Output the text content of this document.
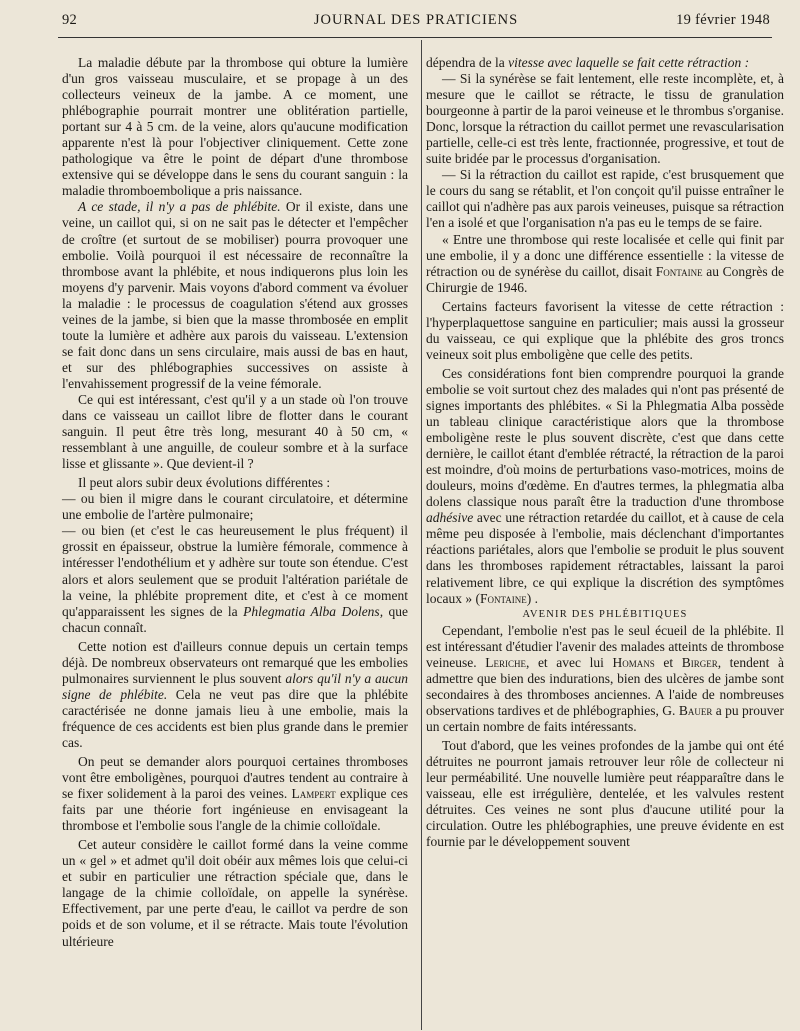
92	JOURNAL DES PRATICIENS	19 février 1948

La maladie débute par la thrombose qui obture la lumière d'un gros vaisseau musculaire, et se propage à un des collecteurs veineux de la jambe. A ce moment, une phlébographie pourrait montrer une oblitération partielle, portant sur 4 à 5 cm. de la veine, alors qu'aucune modification apparente n'est là pour l'objectiver cliniquement. Cette zone pathologique va être le point de départ d'une thrombose extensive qui se développe dans le sens du courant sanguin : la maladie thromboembolique a pris naissance.

A ce stade, il n'y a pas de phlébite. Or il existe, dans une veine, un caillot qui, si on ne sait pas le détecter et l'empêcher de croître (et surtout de se mobiliser) pourra provoquer une embolie. Voilà pourquoi il est nécessaire de reconnaître la thrombose avant la phlébite, et nous indiquerons plus loin les moyens d'y parvenir. Mais voyons d'abord comment va évoluer la maladie : le processus de coagulation s'étend aux grosses veines de la jambe, si bien que la masse thrombosée en emplit toute la lumière et adhère aux parois du vaisseau. L'extension se fait donc dans un sens circulaire, mais aussi de bas en haut, et sur des phlébographies successives on assiste à l'envahissement progressif de la veine fémorale.

Ce qui est intéressant, c'est qu'il y a un stade où l'on trouve dans ce vaisseau un caillot libre de flotter dans le courant sanguin. Il peut être très long, mesurant 40 à 50 cm, « ressemblant à une anguille, de couleur sombre et à la surface lisse et glissante ». Que devient-il ?

Il peut alors subir deux évolutions différentes :

— ou bien il migre dans le courant circulatoire, et détermine une embolie de l'artère pulmonaire;

— ou bien (et c'est le cas heureusement le plus fréquent) il grossit en épaisseur, obstrue la lumière fémorale, commence à intéresser l'endothélium et y adhère sur toute son étendue. C'est alors et alors seulement que se produit l'altération pariétale de la veine, la phlébite proprement dite, et c'est à ce moment qu'apparaissent les signes de la Phlegmatia Alba Dolens, que chacun connaît.

Cette notion est d'ailleurs connue depuis un certain temps déjà. De nombreux observateurs ont remarqué que les embolies pulmonaires surviennent le plus souvent alors qu'il n'y a aucun signe de phlébite. Cela ne veut pas dire que la phlébite caractérisée ne donne jamais lieu à une embolie, mais la fréquence de ces accidents est bien plus grande dans le premier cas.

On peut se demander alors pourquoi certaines thromboses vont être emboligènes, pourquoi d'autres tendent au contraire à se fixer solidement à la paroi des veines. Lampert explique ces faits par une théorie fort ingénieuse en envisageant la thrombose et l'embolie sous l'angle de la chimie colloïdale.

Cet auteur considère le caillot formé dans la veine comme un « gel » et admet qu'il doit obéir aux mêmes lois que celui-ci et subir en particulier une rétraction spéciale que, dans le langage de la chimie colloïdale, on appelle la synérèse. Effectivement, par une perte d'eau, le caillot va perdre de son poids et de son volume, et il se rétracte. Mais toute l'évolution ultérieure

dépendra de la vitesse avec laquelle se fait cette rétraction :

— Si la synérèse se fait lentement, elle reste incomplète, et, à mesure que le caillot se rétracte, le tissu de granulation bourgeonne à partir de la paroi veineuse et le thrombus s'organise. Donc, lorsque la rétraction du caillot permet une revascularisation partielle, celle-ci est très lente, fractionnée, progressive, et tout de suite bridée par le processus d'organisation.

— Si la rétraction du caillot est rapide, c'est brusquement que le cours du sang se rétablit, et l'on conçoit qu'il puisse entraîner le caillot qui n'adhère pas aux parois veineuses, puisque sa rétraction l'en a isolé et que l'organisation n'a pas eu le temps de se faire.

« Entre une thrombose qui reste localisée et celle qui finit par une embolie, il y a donc une différence essentielle : la vitesse de rétraction ou de synérèse du caillot, disait Fontaine au Congrès de Chirurgie de 1946.

Certains facteurs favorisent la vitesse de cette rétraction : l'hyperplaquettose sanguine en particulier; mais aussi la grosseur du vaisseau, ce qui explique que la phlébite des gros troncs veineux soit plus emboligène que celle des petits.

Ces considérations font bien comprendre pourquoi la grande embolie se voit surtout chez des malades qui n'ont pas présenté de signes importants des phlébites. « Si la Phlegmatia Alba possède un tableau clinique caractéristique alors que la thrombose emboligène reste le plus souvent discrète, c'est que dans cette dernière, le caillot étant d'emblée rétracté, la rétraction de la paroi est moindre, d'où moins de perturbations vaso-motrices, moins de douleurs, moins d'œdème. En d'autres termes, la phlegmatia alba dolens classique nous paraît être la traduction d'une thrombose adhésive avec une rétraction retardée du caillot, et à cause de cela même peu disposée à l'embolie, mais déclenchant d'importantes réactions pariétales, alors que l'embolie se produit le plus souvent dans les thromboses rapidement rétractables, laissant la paroi relativement libre, ce qui explique la discrétion des symptômes locaux » (Fontaine) .

AVENIR DES PHLÉBITIQUES

Cependant, l'embolie n'est pas le seul écueil de la phlébite. Il est intéressant d'étudier l'avenir des malades atteints de thrombose veineuse. Leriche, et avec lui Homans et Birger, tendent à admettre que bien des indurations, bien des ulcères de jambe sont secondaires à des thromboses anciennes. A l'aide de nombreuses observations tardives et de phlébographies, G. Bauer a pu prouver un certain nombre de faits intéressants.

Tout d'abord, que les veines profondes de la jambe qui ont été détruites ne pourront jamais retrouver leur rôle de collecteur ni leur perméabilité. Une nouvelle lumière peut réapparaître dans le vaisseau, elle est irrégulière, dentelée, et les valvules restent détruites. Ces veines ne sont plus d'aucune utilité pour la circulation. Outre les phlébographies, une preuve évidente en est fournie par le développement souvent
